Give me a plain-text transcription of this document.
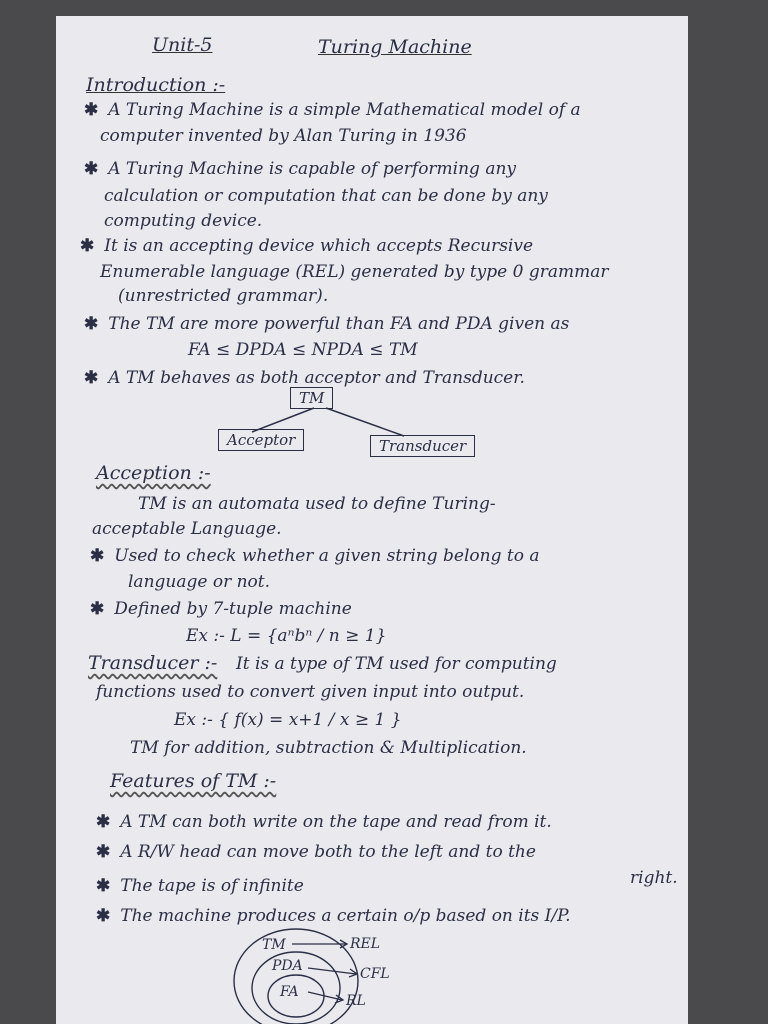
Unit-5	Turing Machine
Introduction :-
✱ A Turing Machine is a simple Mathematical model of a
computer invented by Alan Turing in 1936
✱ A Turing Machine is capable of performing any
calculation or computation that can be done by any
computing device.
✱ It is an accepting device which accepts Recursive
Enumerable language (REL) generated by type 0 grammar
(unrestricted grammar).
✱ The TM are more powerful than FA and PDA given as
FA ≤ DPDA ≤ NPDA ≤ TM
✱ A TM behaves as both acceptor and Transducer.
TM
Acceptor	Transducer
Acception :-
TM is an automata used to define Turing-
acceptable Language.
✱ Used to check whether a given string belong to a
language or not.
✱ Defined by 7-tuple machine
Ex :- L = {aⁿbⁿ / n ≥ 1}
Transducer :- It is a type of TM used for computing
functions used to convert given input into output.
Ex :- { f(x) = x+1 / x ≥ 1 }
TM for addition, subtraction & Multiplication.
Features of TM :-
✱ A TM can both write on the tape and read from it.
✱ A R/W head can move both to the left and to the
right.
✱ The tape is of infinite
✱ The machine produces a certain o/p based on its I/P.
TM
PDA
FA
REL
CFL
RL
